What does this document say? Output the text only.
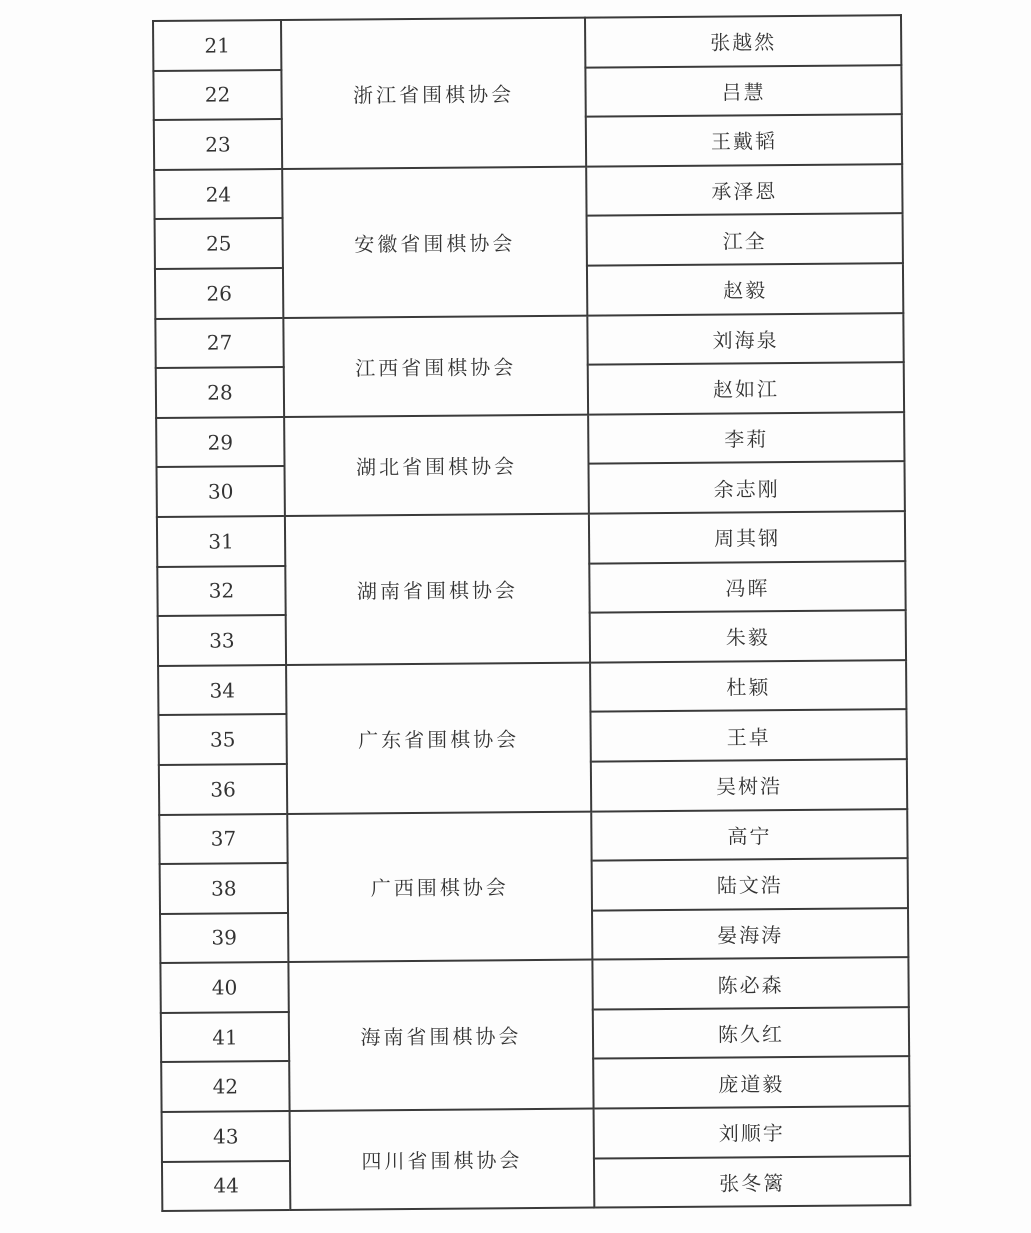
21	浙江省围棋协会	张越然
22		吕慧
23		王戴韬
24	安徽省围棋协会	承泽恩
25		江全
26		赵毅
27	江西省围棋协会	刘海泉
28		赵如江
29	湖北省围棋协会	李莉
30		余志刚
31	湖南省围棋协会	周其钢
32		冯晖
33		朱毅
34	广东省围棋协会	杜颖
35		王卓
36		吴树浩
37	广西围棋协会	高宁
38		陆文浩
39		晏海涛
40	海南省围棋协会	陈必森
41		陈久红
42		庞道毅
43	四川省围棋协会	刘顺宇
44		张冬篱
